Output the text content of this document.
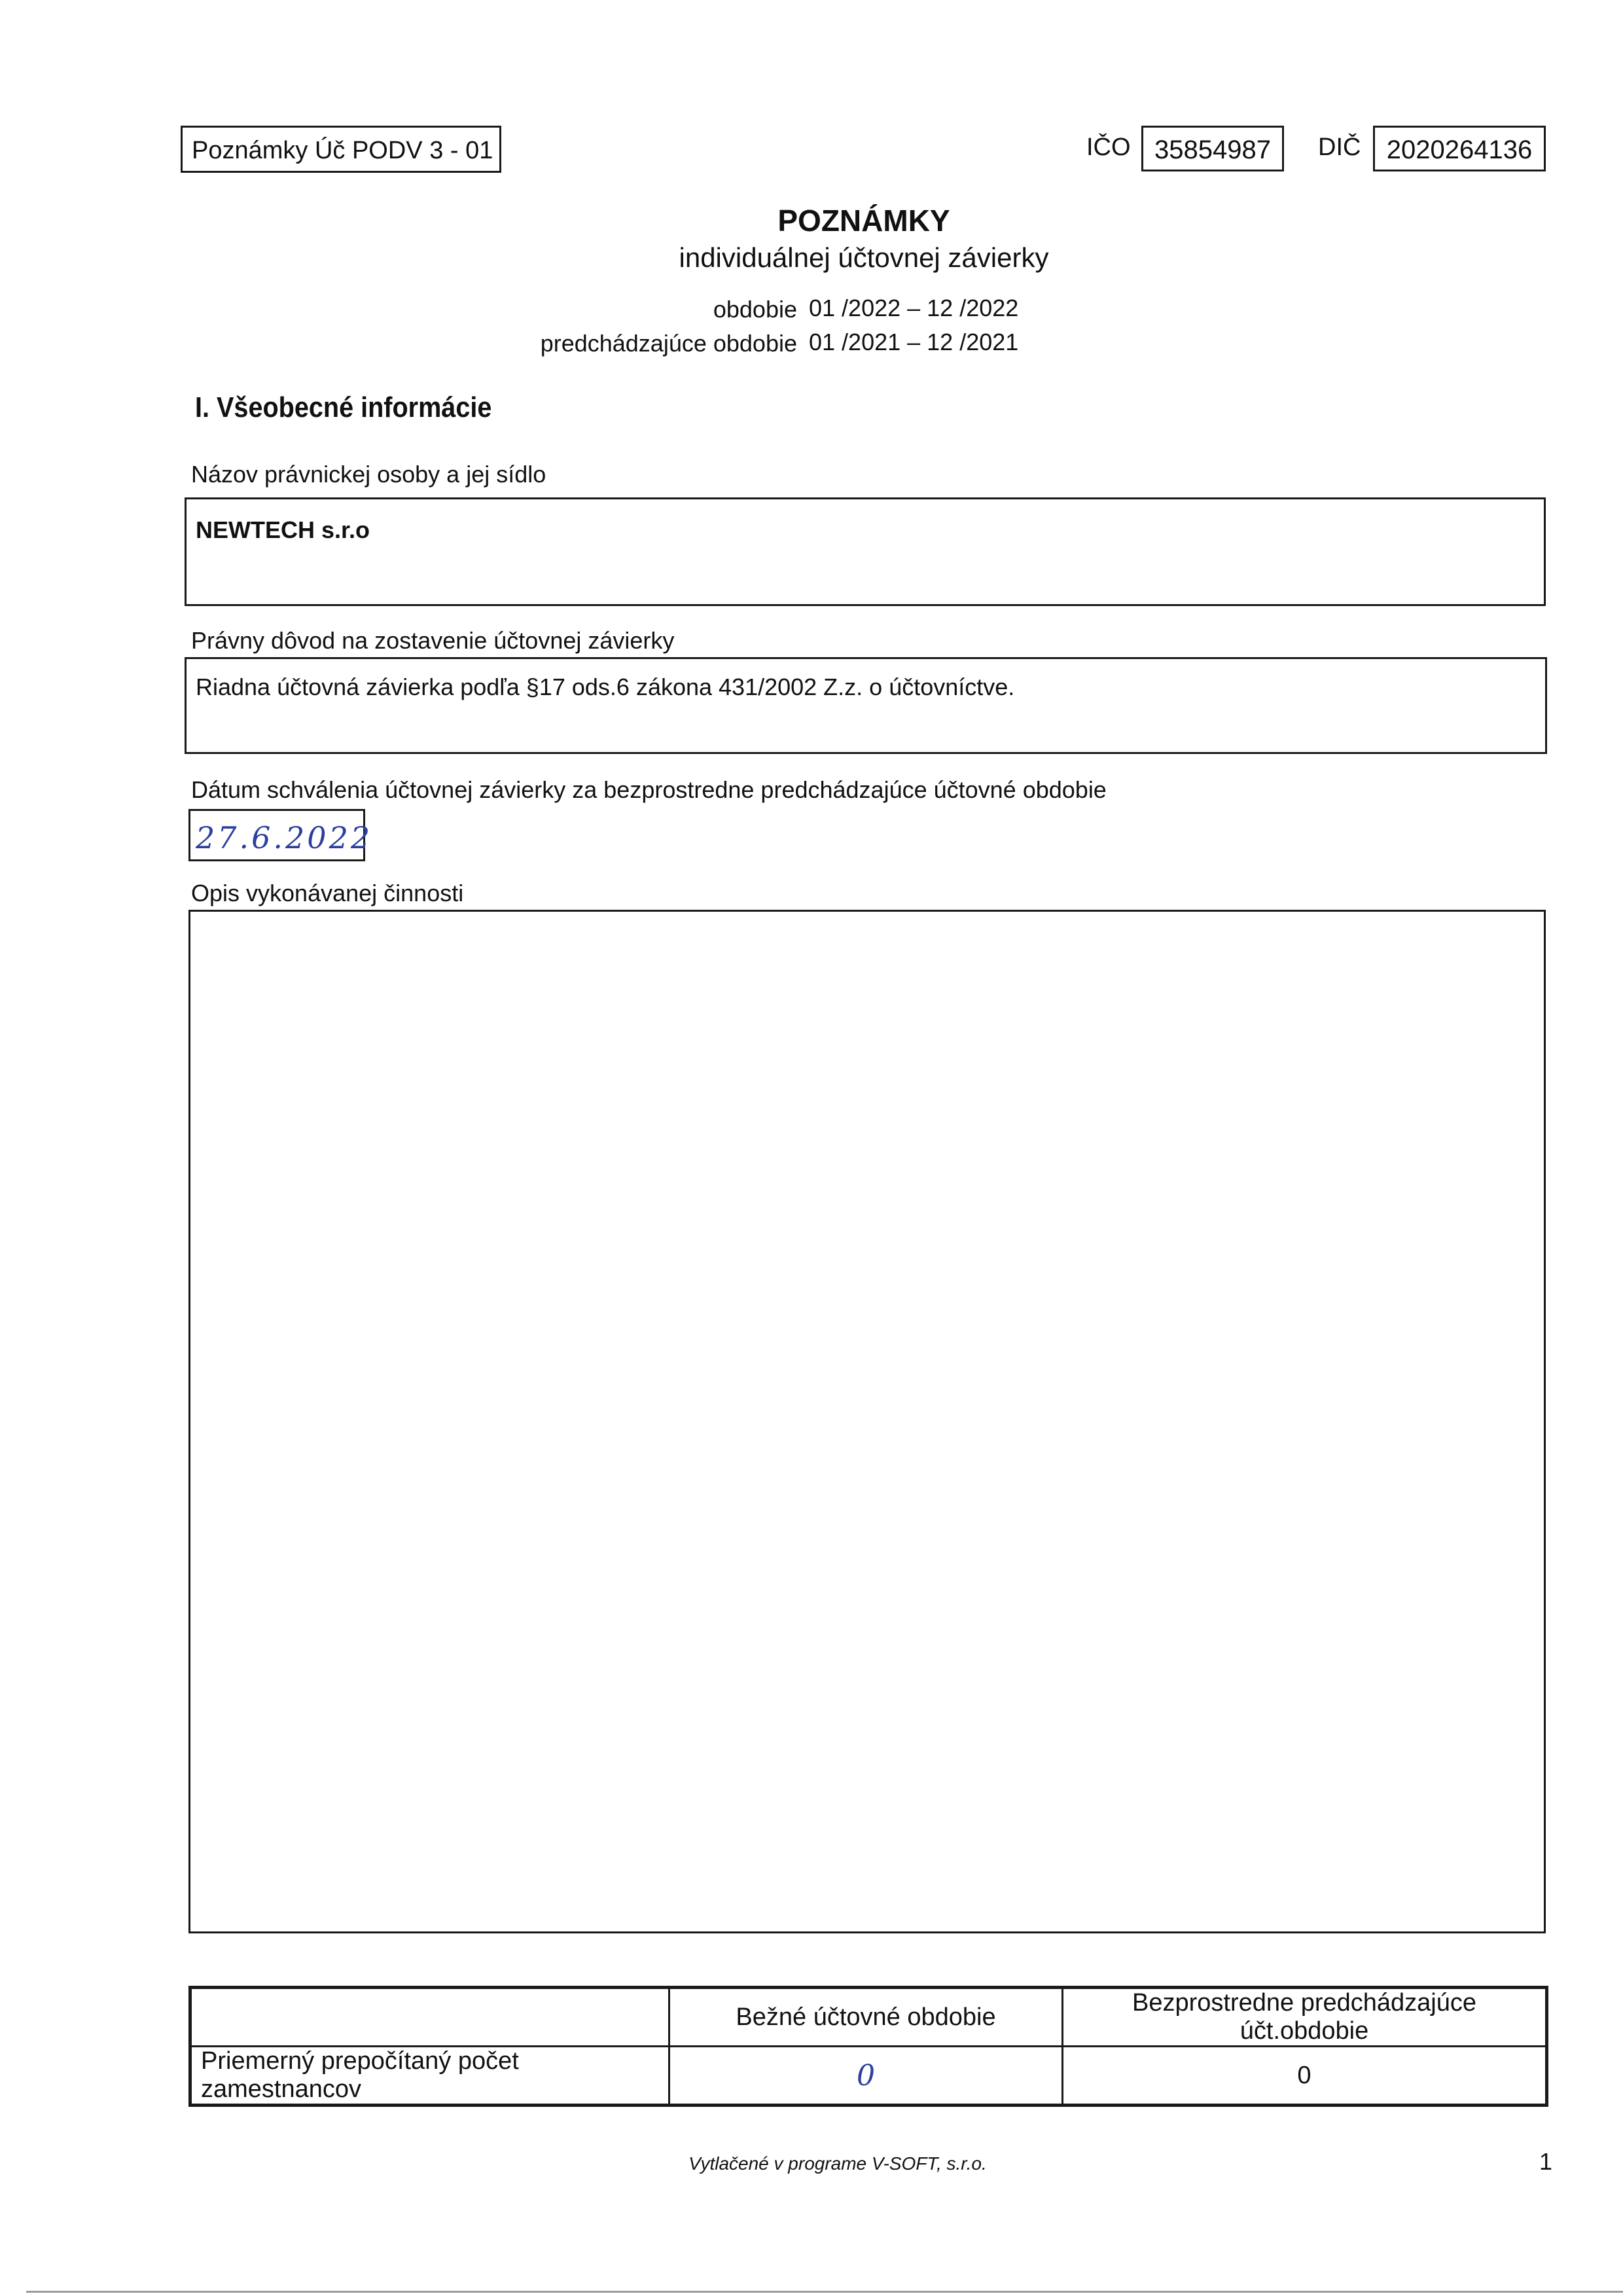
Poznámky Úč PODV 3 - 01	IČO 35854987	DIČ 2020264136
POZNÁMKY
individuálnej účtovnej závierky
obdobie 01 /2022 – 12 /2022
predchádzajúce obdobie 01 /2021 – 12 /2021
I. Všeobecné informácie
Názov právnickej osoby a jej sídlo
NEWTECH s.r.o
Právny dôvod na zostavenie účtovnej závierky
Riadna účtovná závierka podľa §17 ods.6 zákona 431/2002 Z.z. o účtovníctve.
Dátum schválenia účtovnej závierky za bezprostredne predchádzajúce účtovné obdobie
27.6.2022
Opis vykonávanej činnosti
	Bežné účtovné obdobie	Bezprostredne predchádzajúce účt.obdobie
Priemerný prepočítaný počet zamestnancov	0	0
Vytlačené v programe V-SOFT, s.r.o.	1
